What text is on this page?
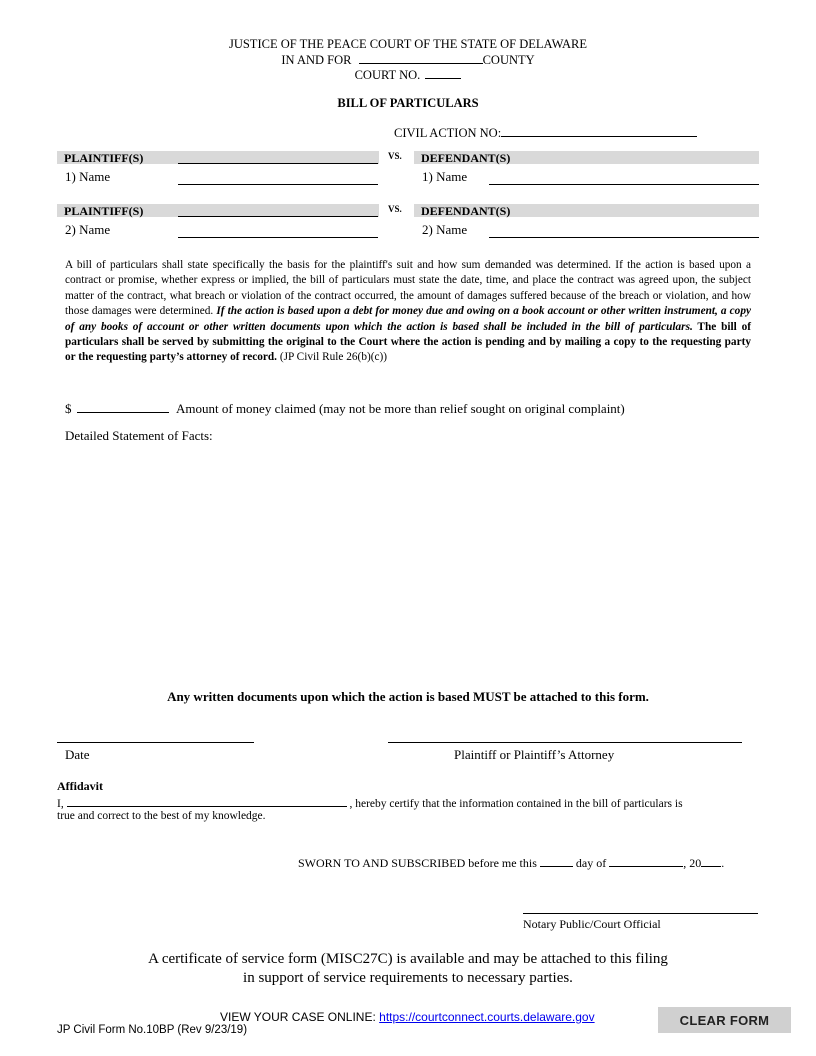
JUSTICE OF THE PEACE COURT OF THE STATE OF DELAWARE
IN AND FOR	COUNTY
COURT NO.
BILL OF PARTICULARS
CIVIL ACTION NO:
PLAINTIFF(S)	VS. DEFENDANT(S)
1) Name	1) Name
PLAINTIFF(S)	VS. DEFENDANT(S)
2) Name	2) Name
A bill of particulars shall state specifically the basis for the plaintiff's suit and how sum demanded was determined. If the action is based upon a contract or promise, whether express or implied, the bill of particulars must state the date, time, and place the contract was agreed upon, the subject matter of the contract, what breach or violation of the contract occurred, the amount of damages suffered because of the breach or violation, and how those damages were determined. If the action is based upon a debt for money due and owing on a book account or other written instrument, a copy of any books of account or other written documents upon which the action is based shall be included in the bill of particulars. The bill of particulars shall be served by submitting the original to the Court where the action is pending and by mailing a copy to the requesting party or the requesting party’s attorney of record. (JP Civil Rule 26(b)(c))
$	Amount of money claimed (may not be more than relief sought on original complaint)
Detailed Statement of Facts:
Any written documents upon which the action is based MUST be attached to this form.
Date	Plaintiff or Plaintiff’s Attorney
Affidavit
I,	, hereby certify that the information contained in the bill of particulars is
true and correct to the best of my knowledge.
SWORN TO AND SUBSCRIBED before me this	day of	, 20 .
Notary Public/Court Official
A certificate of service form (MISC27C) is available and may be attached to this filing
in support of service requirements to necessary parties.
VIEW YOUR CASE ONLINE: https://courtconnect.courts.delaware.gov
JP Civil Form No.10BP (Rev 9/23/19)
CLEAR FORM
